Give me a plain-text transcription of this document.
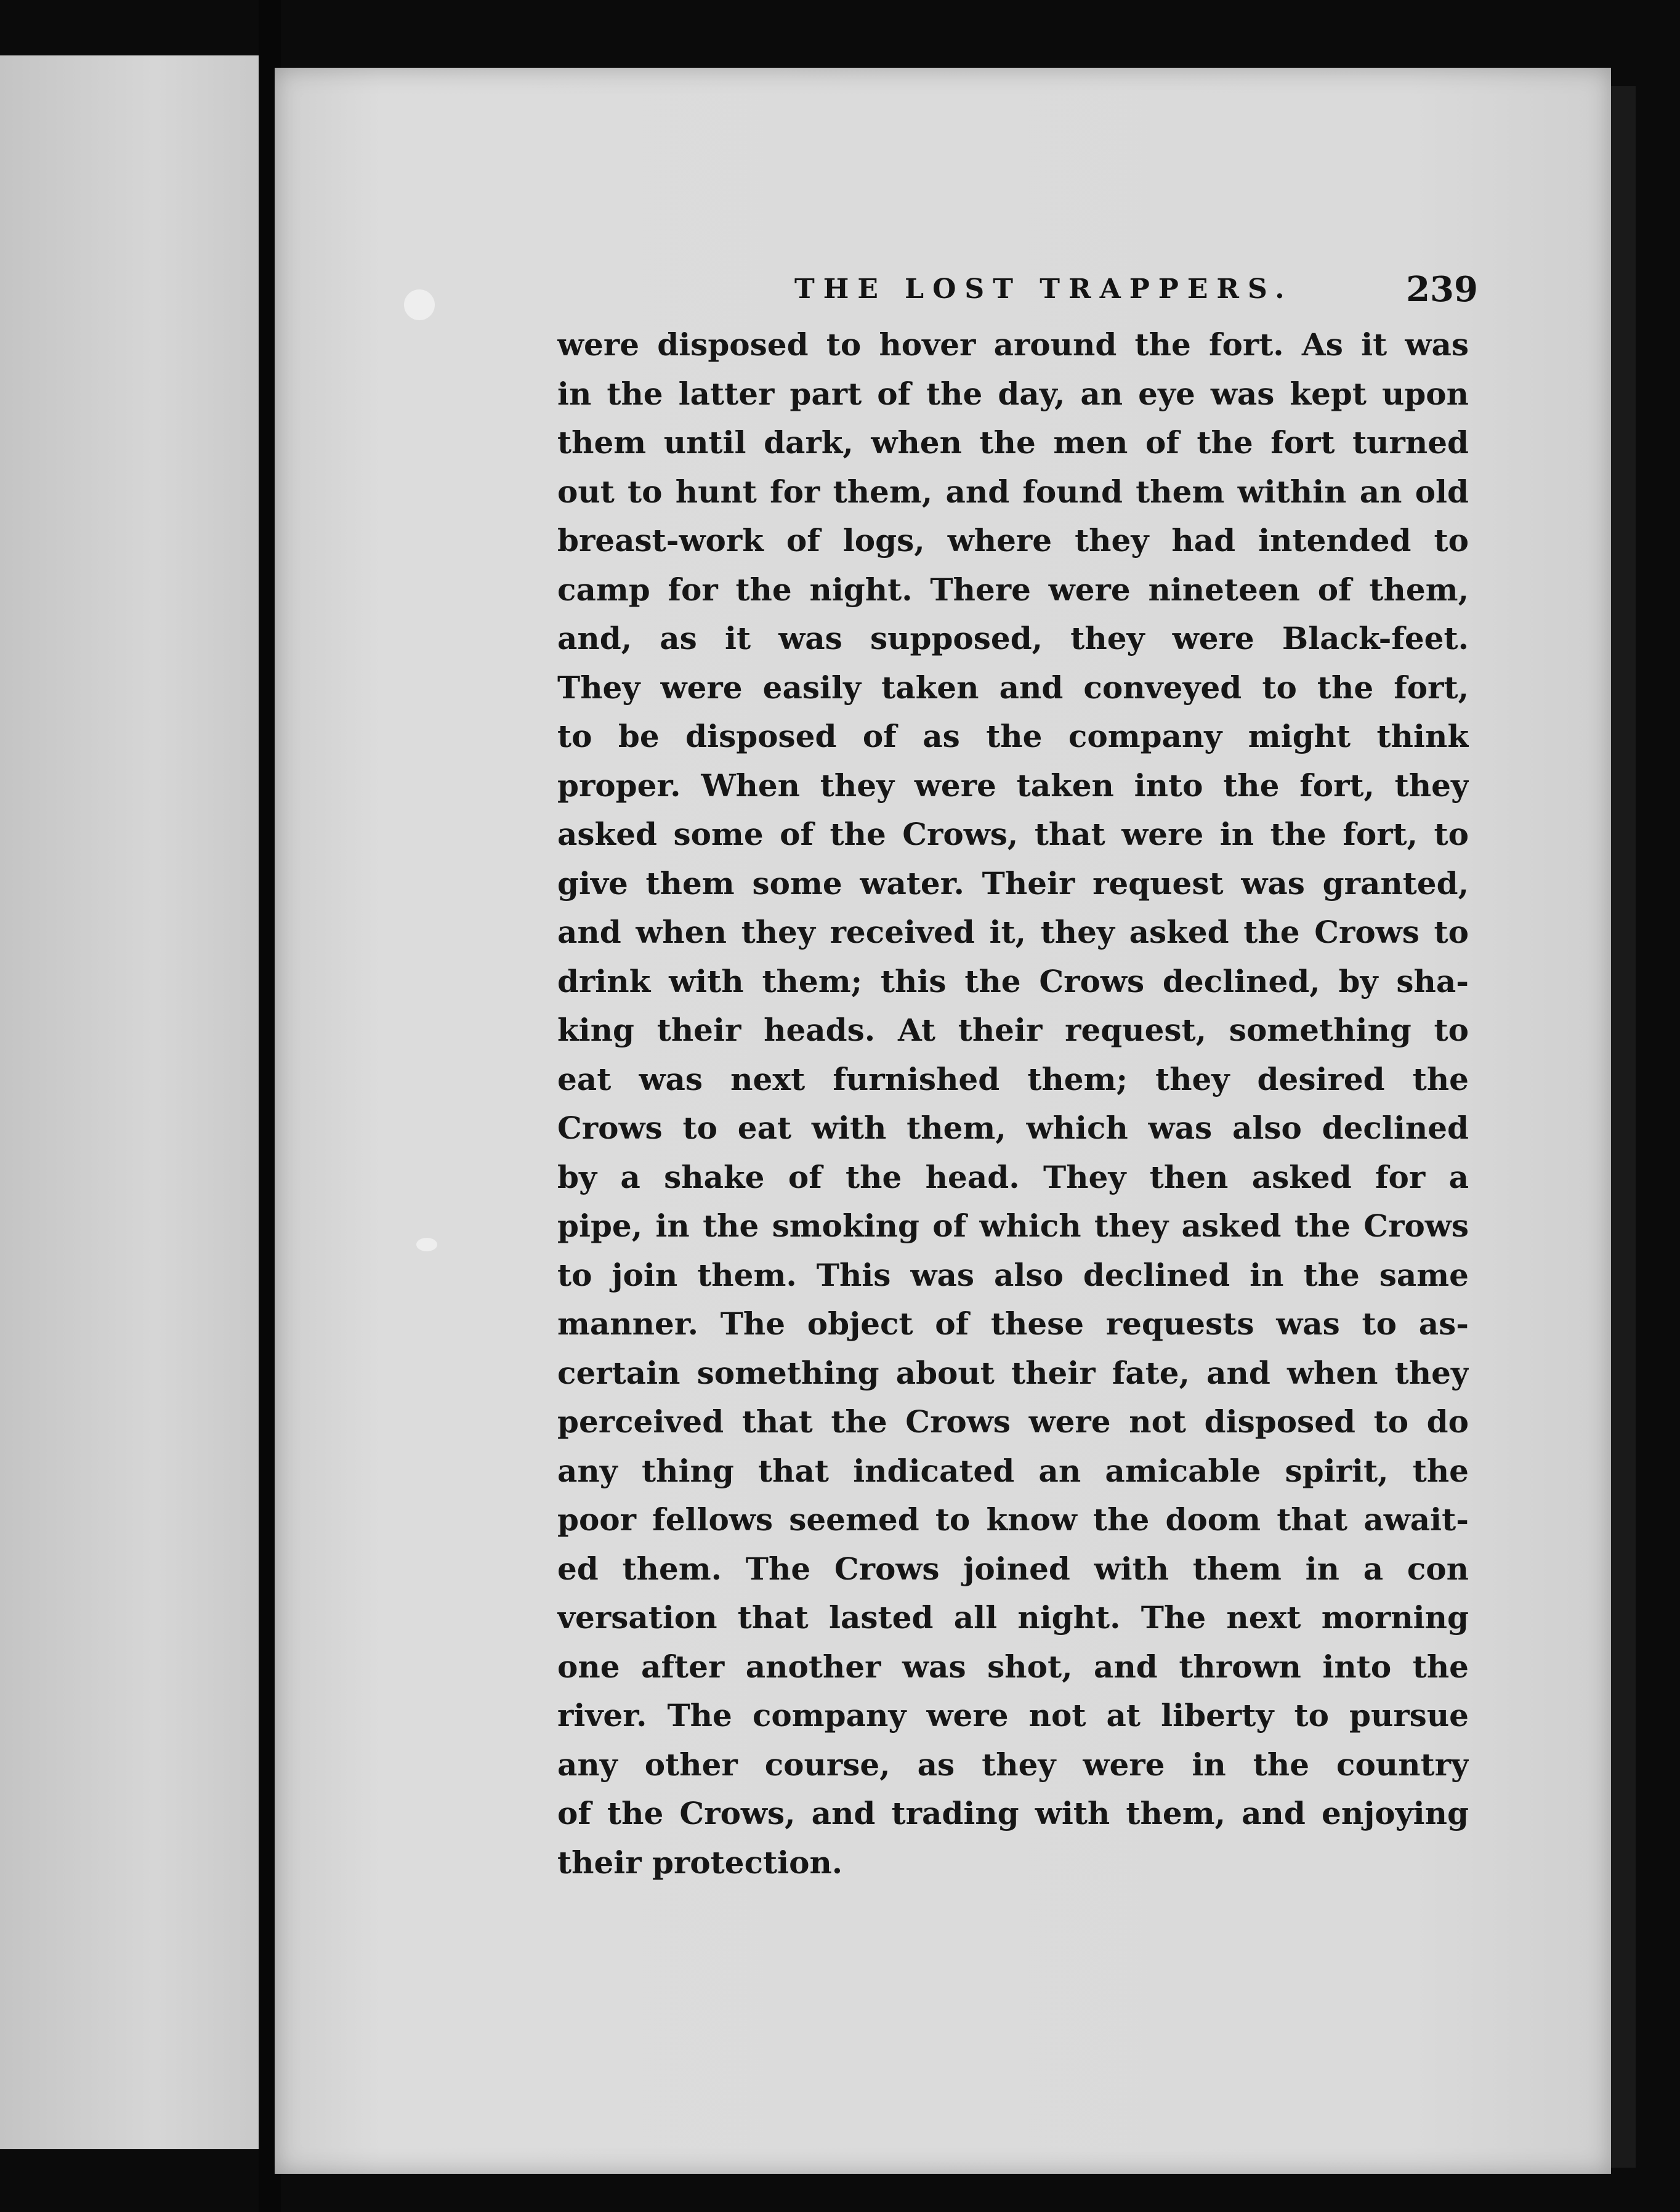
THE LOST TRAPPERS.	239
were disposed to hover around the fort. As it was
in the latter part of the day, an eye was kept upon
them until dark, when the men of the fort turned
out to hunt for them, and found them within an old
breast-work of logs, where they had intended to
camp for the night. There were nineteen of them,
and, as it was supposed, they were Black-feet.
They were easily taken and conveyed to the fort,
to be disposed of as the company might think
proper. When they were taken into the fort, they
asked some of the Crows, that were in the fort, to
give them some water. Their request was granted,
and when they received it, they asked the Crows to
drink with them; this the Crows declined, by sha-
king their heads. At their request, something to
eat was next furnished them; they desired the
Crows to eat with them, which was also declined
by a shake of the head. They then asked for a
pipe, in the smoking of which they asked the Crows
to join them. This was also declined in the same
manner. The object of these requests was to as-
certain something about their fate, and when they
perceived that the Crows were not disposed to do
any thing that indicated an amicable spirit, the
poor fellows seemed to know the doom that await-
ed them. The Crows joined with them in a con
versation that lasted all night. The next morning
one after another was shot, and thrown into the
river. The company were not at liberty to pursue
any other course, as they were in the country
of the Crows, and trading with them, and enjoying
their protection.
